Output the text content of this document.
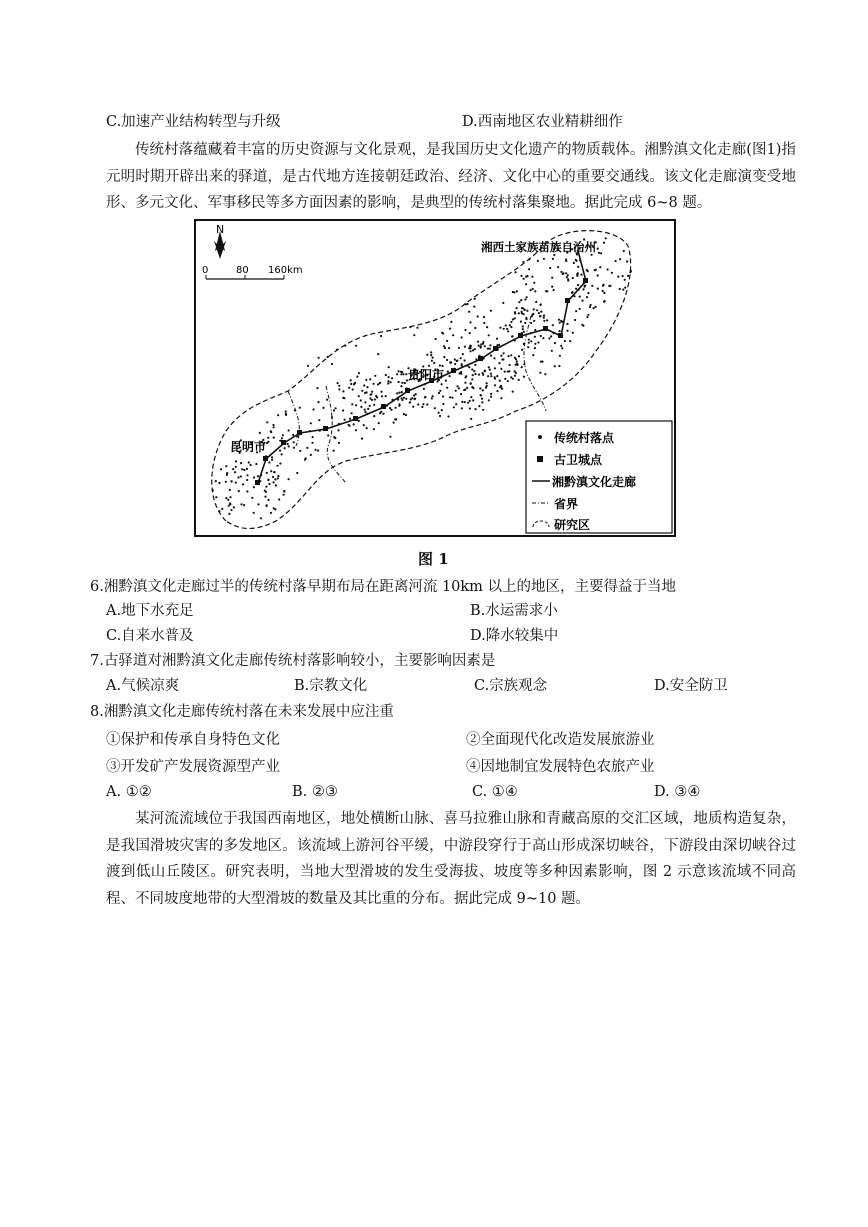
C.加速产业结构转型与升级	D.西南地区农业精耕细作
传统村落蕴藏着丰富的历史资源与文化景观，是我国历史文化遗产的物质载体。湘黔滇文化走廊(图1)指元明时期开辟出来的驿道，是古代地方连接朝廷政治、经济、文化中心的重要交通线。该文化走廊演变受地形、多元文化、军事移民等多方面因素的影响，是典型的传统村落集聚地。据此完成 6~8 题。
N
0	80 160km
湘西土家族苗族自治州
贵阳市
昆明市
传统村落点
古卫城点
湘黔滇文化走廊
省界
研究区
图 1
6.湘黔滇文化走廊过半的传统村落早期布局在距离河流 10km 以上的地区，主要得益于当地
A.地下水充足	B.水运需求小
C.自来水普及	D.降水较集中
7.古驿道对湘黔滇文化走廊传统村落影响较小，主要影响因素是
A.气候凉爽	B.宗教文化	C.宗族观念	D.安全防卫
8.湘黔滇文化走廊传统村落在未来发展中应注重
①保护和传承自身特色文化	②全面现代化改造发展旅游业
③开发矿产发展资源型产业	④因地制宜发展特色农旅产业
A. ①②	B. ②③	C. ①④	D. ③④
某河流流域位于我国西南地区，地处横断山脉、喜马拉雅山脉和青藏高原的交汇区域，地质构造复杂，是我国滑坡灾害的多发地区。该流域上游河谷平缓，中游段穿行于高山形成深切峡谷，下游段由深切峡谷过渡到低山丘陵区。研究表明，当地大型滑坡的发生受海拔、坡度等多种因素影响，图 2 示意该流域不同高程、不同坡度地带的大型滑坡的数量及其比重的分布。据此完成 9~10 题。
